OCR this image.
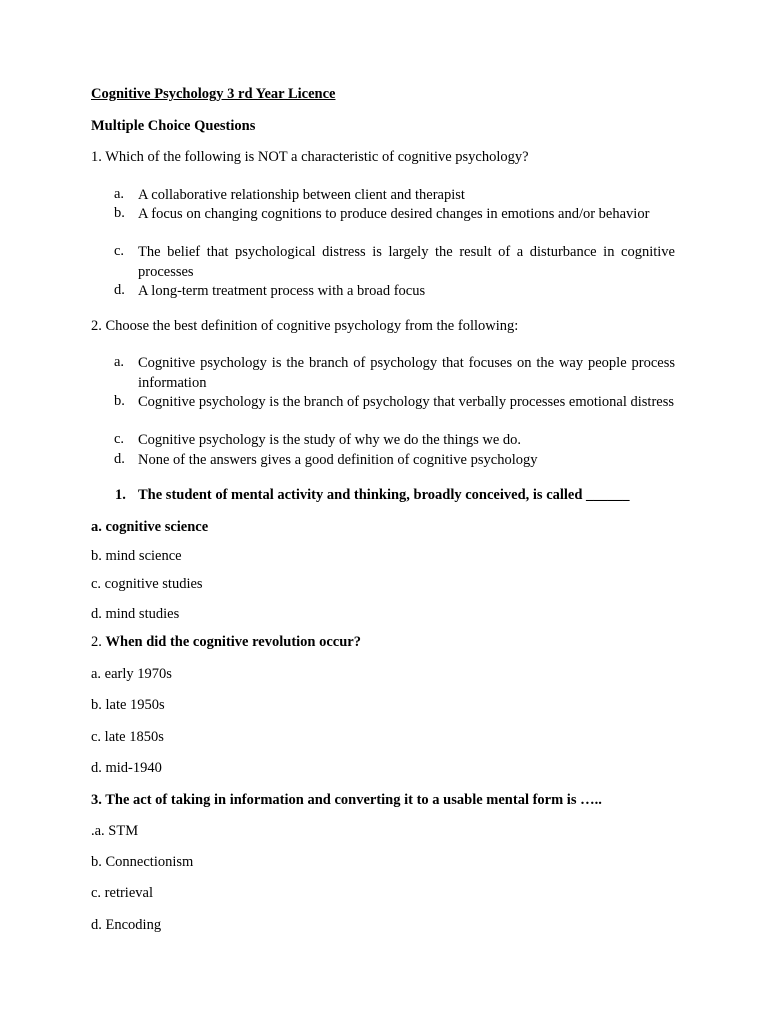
Cognitive Psychology 3 rd Year Licence
Multiple Choice Questions
1. Which of the following is NOT a characteristic of cognitive psychology?
a. A collaborative relationship between client and therapist
b. A focus on changing cognitions to produce desired changes in emotions and/or behavior
c. The belief that psychological distress is largely the result of a disturbance in cognitive processes
d. A long-term treatment process with a broad focus
2. Choose the best definition of cognitive psychology from the following:
a. Cognitive psychology is the branch of psychology that focuses on the way people process information
b. Cognitive psychology is the branch of psychology that verbally processes emotional distress
c. Cognitive psychology is the study of why we do the things we do.
d. None of the answers gives a good definition of cognitive psychology
1. The student of mental activity and thinking, broadly conceived, is called ______
a. cognitive science
b. mind science
c. cognitive studies
d. mind studies
2. When did the cognitive revolution occur?
a. early 1970s
b. late 1950s
c. late 1850s
d. mid-1940
3. The act of taking in information and converting it to a usable mental form is …..
.a. STM
b. Connectionism
c. retrieval
d. Encoding
